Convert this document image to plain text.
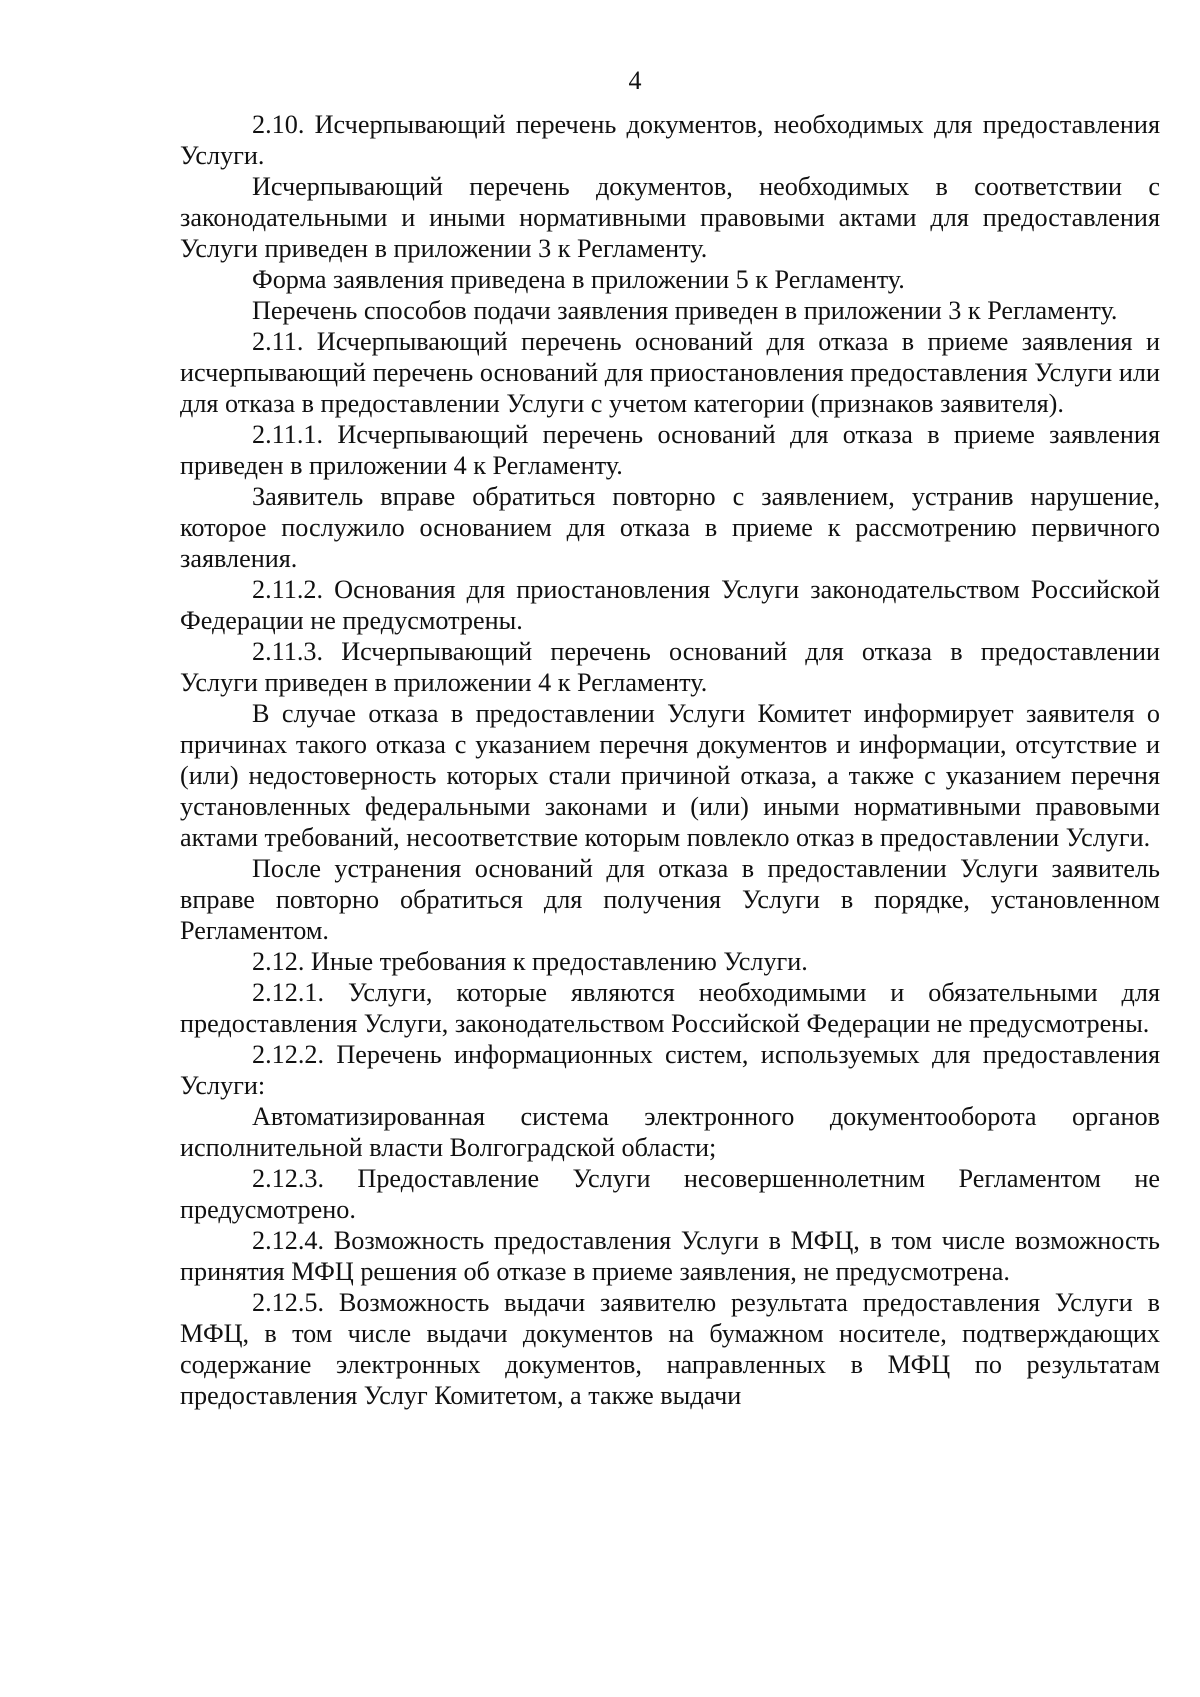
4

2.10. Исчерпывающий перечень документов, необходимых для предоставления Услуги.

Исчерпывающий перечень документов, необходимых в соответствии с законодательными и иными нормативными правовыми актами для предоставления Услуги приведен в приложении 3 к Регламенту.

Форма заявления приведена в приложении 5 к Регламенту.

Перечень способов подачи заявления приведен в приложении 3 к Регламенту.

2.11. Исчерпывающий перечень оснований для отказа в приеме заявления и исчерпывающий перечень оснований для приостановления предоставления Услуги или для отказа в предоставлении Услуги с учетом категории (признаков заявителя).

2.11.1. Исчерпывающий перечень оснований для отказа в приеме заявления приведен в приложении 4 к Регламенту.

Заявитель вправе обратиться повторно с заявлением, устранив нарушение, которое послужило основанием для отказа в приеме к рассмотрению первичного заявления.

2.11.2. Основания для приостановления Услуги законодательством Российской Федерации не предусмотрены.

2.11.3. Исчерпывающий перечень оснований для отказа в предоставлении Услуги приведен в приложении 4 к Регламенту.

В случае отказа в предоставлении Услуги Комитет информирует заявителя о причинах такого отказа с указанием перечня документов и информации, отсутствие и (или) недостоверность которых стали причиной отказа, а также с указанием перечня установленных федеральными законами и (или) иными нормативными правовыми актами требований, несоответствие которым повлекло отказ в предоставлении Услуги.

После устранения оснований для отказа в предоставлении Услуги заявитель вправе повторно обратиться для получения Услуги в порядке, установленном Регламентом.

2.12. Иные требования к предоставлению Услуги.

2.12.1. Услуги, которые являются необходимыми и обязательными для предоставления Услуги, законодательством Российской Федерации не предусмотрены.

2.12.2. Перечень информационных систем, используемых для предоставления Услуги:

Автоматизированная система электронного документооборота органов исполнительной власти Волгоградской области;

2.12.3. Предоставление Услуги несовершеннолетним Регламентом не предусмотрено.

2.12.4. Возможность предоставления Услуги в МФЦ, в том числе возможность принятия МФЦ решения об отказе в приеме заявления, не предусмотрена.

2.12.5. Возможность выдачи заявителю результата предоставления Услуги в МФЦ, в том числе выдачи документов на бумажном носителе, подтверждающих содержание электронных документов, направленных в МФЦ по результатам предоставления Услуг Комитетом, а также выдачи
